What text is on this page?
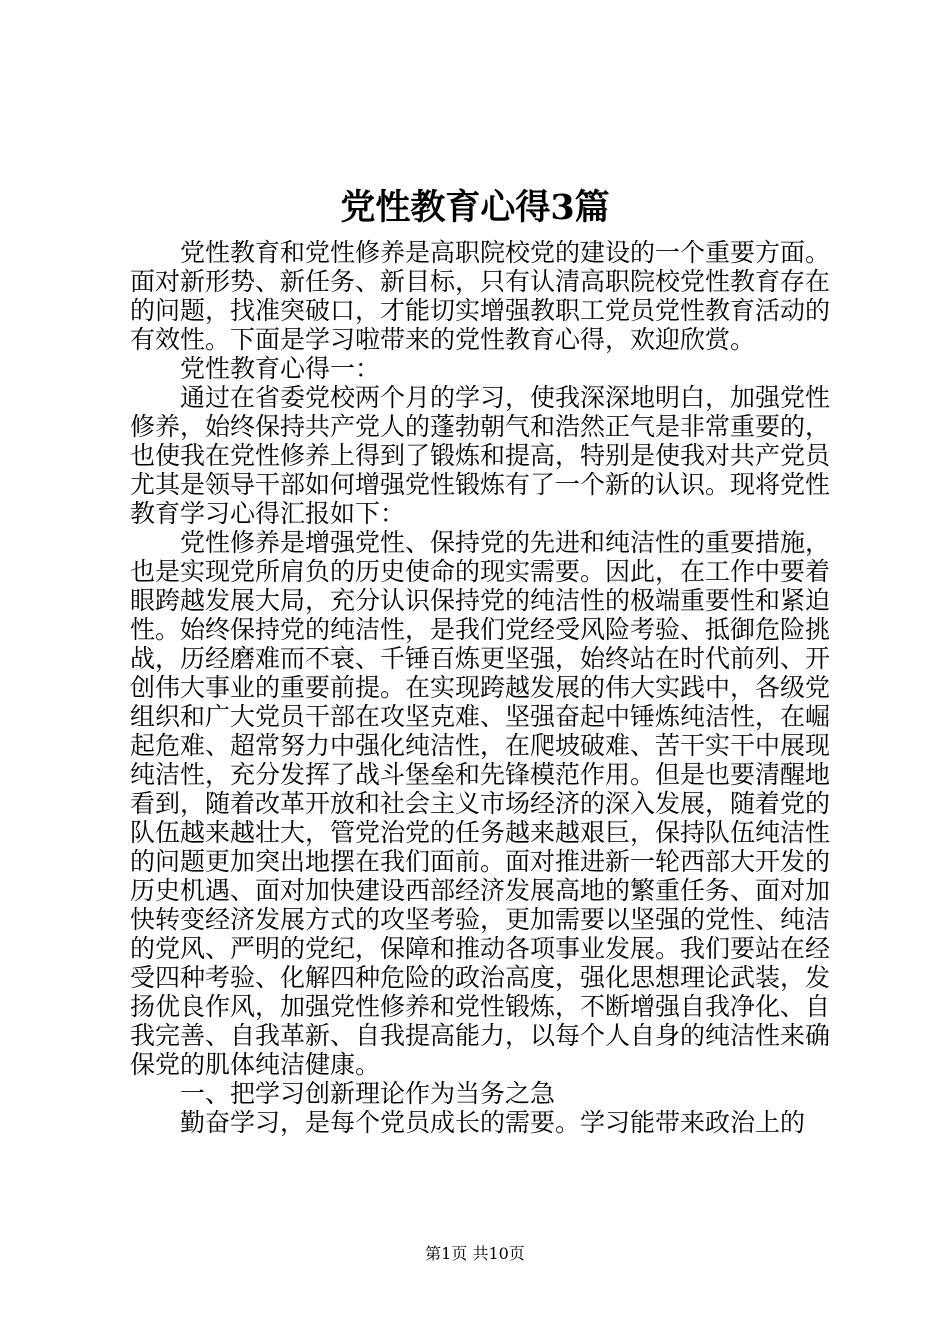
党性教育心得3篇

党性教育和党性修养是高职院校党的建设的一个重要方面。面对新形势、新任务、新目标，只有认清高职院校党性教育存在的问题，找准突破口，才能切实增强教职工党员党性教育活动的有效性。下面是学习啦带来的党性教育心得，欢迎欣赏。

党性教育心得一：

通过在省委党校两个月的学习，使我深深地明白，加强党性修养，始终保持共产党人的蓬勃朝气和浩然正气是非常重要的，也使我在党性修养上得到了锻炼和提高，特别是使我对共产党员尤其是领导干部如何增强党性锻炼有了一个新的认识。现将党性教育学习心得汇报如下：

党性修养是增强党性、保持党的先进和纯洁性的重要措施，也是实现党所肩负的历史使命的现实需要。因此，在工作中要着眼跨越发展大局，充分认识保持党的纯洁性的极端重要性和紧迫性。始终保持党的纯洁性，是我们党经受风险考验、抵御危险挑战，历经磨难而不衰、千锤百炼更坚强，始终站在时代前列、开创伟大事业的重要前提。在实现跨越发展的伟大实践中，各级党组织和广大党员干部在攻坚克难、坚强奋起中锤炼纯洁性，在崛起危难、超常努力中强化纯洁性，在爬坡破难、苦干实干中展现纯洁性，充分发挥了战斗堡垒和先锋模范作用。但是也要清醒地看到，随着改革开放和社会主义市场经济的深入发展，随着党的队伍越来越壮大，管党治党的任务越来越艰巨，保持队伍纯洁性的问题更加突出地摆在我们面前。面对推进新一轮西部大开发的历史机遇、面对加快建设西部经济发展高地的繁重任务、面对加快转变经济发展方式的攻坚考验，更加需要以坚强的党性、纯洁的党风、严明的党纪，保障和推动各项事业发展。我们要站在经受四种考验、化解四种危险的政治高度，强化思想理论武装，发扬优良作风，加强党性修养和党性锻炼，不断增强自我净化、自我完善、自我革新、自我提高能力，以每个人自身的纯洁性来确保党的肌体纯洁健康。

一、把学习创新理论作为当务之急

勤奋学习，是每个党员成长的需要。学习能带来政治上的

第1页 共10页
